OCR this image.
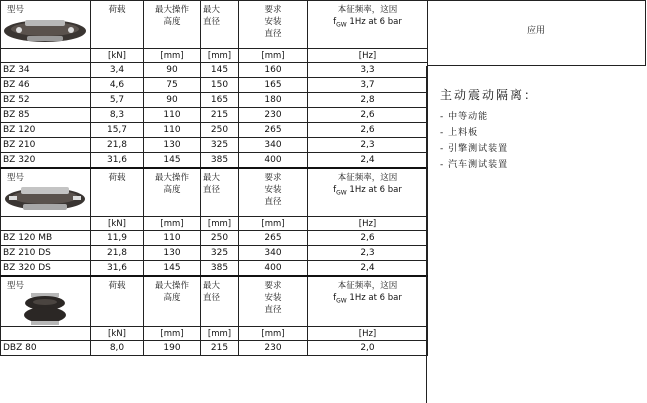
型号	荷载	最大操作高度	最大直径	要求安装直径	本征频率，这因
$f_{GW}$ 1Hz at 6 bar

	[kN]	[mm]	[mm]	[mm]	[Hz]
BZ 34	3,4	90	145	160	3,3
BZ 46	4,6	75	150	165	3,7
BZ 52	5,7	90	165	180	2,8
BZ 85	8,3	110	215	230	2,6
BZ 120	15,7	110	250	265	2,6
BZ 210	21,8	130	325	340	2,3
BZ 320	31,6	145	385	400	2,4

型号	荷载	最大操作高度	最大直径	要求安装直径	本征频率，这因
$f_{GW}$ 1Hz at 6 bar

	[kN]	[mm]	[mm]	[mm]	[Hz]
BZ 120 MB	11,9	110	250	265	2,6
BZ 210 DS	21,8	130	325	340	2,3
BZ 320 DS	31,6	145	385	400	2,4

型号	荷载	最大操作高度	最大直径	要求安装直径	本征频率，这因
$f_{GW}$ 1Hz at 6 bar

	[kN]	[mm]	[mm]	[mm]	[Hz]
DBZ 80	8,0	190	215	230	2,0
应用
主动震动隔离：
- 中等动能
- 上料板
- 引擎测试装置
- 汽车测试装置
